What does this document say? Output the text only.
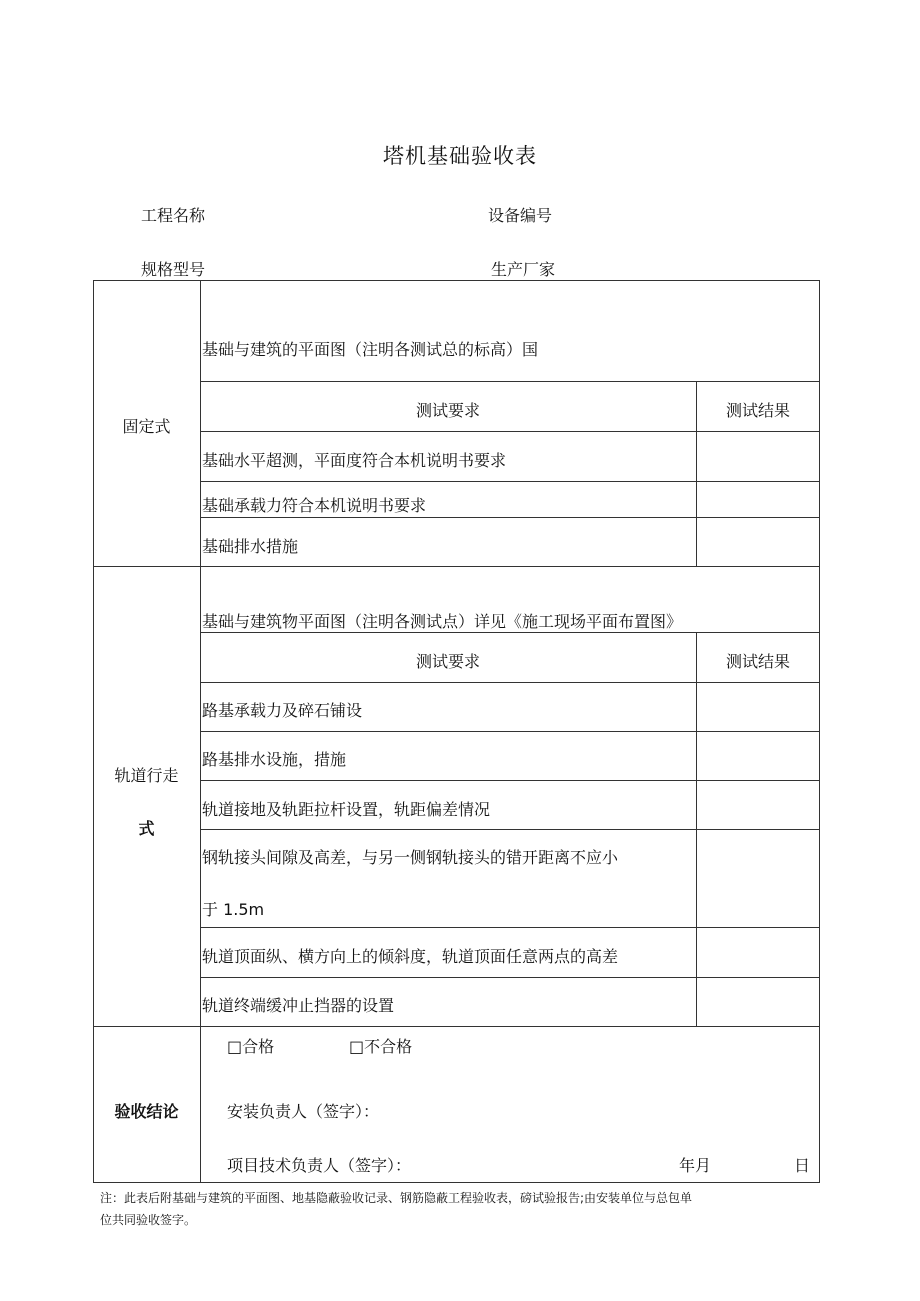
塔机基础验收表
工程名称	设备编号
规格型号	生产厂家
固定式
基础与建筑的平面图（注明各测试总的标高）国
测试要求	测试结果
基础水平超测，平面度符合本机说明书要求
基础承载力符合本机说明书要求
基础排水措施
轨道行走
式
基础与建筑物平面图（注明各测试点）详见《施工现场平面布置图》
测试要求	测试结果
路基承载力及碎石铺设
路基排水设施，措施
轨道接地及轨距拉杆设置，轨距偏差情况
钢轨接头间隙及高差，与另一侧钢轨接头的错开距离不应小
于 1.5m
轨道顶面纵、横方向上的倾斜度，轨道顶面任意两点的高差
轨道终端缓冲止挡器的设置
验收结论
□合格	□不合格
安装负责人（签字）：
项目技术负责人（签字）：	年月	日
注：此表后附基础与建筑的平面图、地基隐蔽验收记录、钢筋隐蔽工程验收表，磅试验报告;由安装单位与总包单
位共同验收签字。
